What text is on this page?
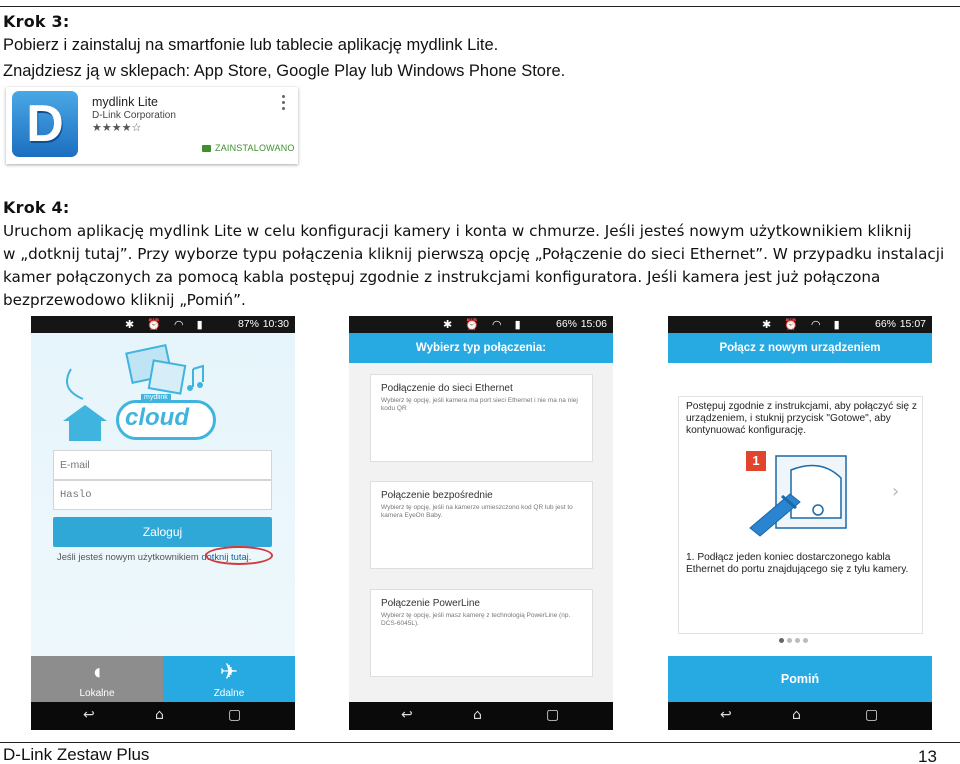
Krok 3:
Pobierz i zainstaluj na smartfonie lub tablecie aplikację mydlink Lite.
Znajdziesz ją w sklepach: App Store, Google Play lub Windows Phone Store.
D mydlink Lite
D-Link Corporation
★★★★☆
ZAINSTALOWANO
Krok 4:
Uruchom aplikację mydlink Lite w celu konfiguracji kamery i konta w chmurze. Jeśli jesteś nowym użytkownikiem kliknij
w „dotknij tutaj”. Przy wyborze typu połączenia kliknij pierwszą opcję „Połączenie do sieci Ethernet”. W przypadku instalacji
kamer połączonych za pomocą kabla postępuj zgodnie z instrukcjami konfiguratora. Jeśli kamera jest już połączona
bezprzewodowo kliknij „Pomiń”.
✱ ⏰ ◠ ▮	87% 10:30
mydlink
cloud
E-mail
Haslo
Zaloguj
Jeśli jesteś nowym użytkownikiem dotknij tutaj.
◖
Lokalne
✈
Zdalne
↩	⌂	▢
✱ ⏰ ◠ ▮	66% 15:06
Wybierz typ połączenia:
Podłączenie do sieci Ethernet
Wybierz tę opcję, jeśli kamera ma port sieci Ethernet i nie ma na niej kodu QR
Połączenie bezpośrednie
Wybierz tę opcję, jeśli na kamerze umieszczono kod QR lub jest to kamera EyeOn Baby.
Połączenie PowerLine
Wybierz tę opcję, jeśli masz kamerę z technologią PowerLine (np. DCS-6045L).
↩	⌂	▢
✱ ⏰ ◠ ▮	66% 15:07
Połącz z nowym urządzeniem
Postępuj zgodnie z instrukcjami, aby połączyć się z urządzeniem, i stuknij przycisk "Gotowe", aby kontynuować konfigurację.
1
›
1. Podłącz jeden koniec dostarczonego kabla Ethernet do portu znajdującego się z tyłu kamery.
Pomiń
↩	⌂	▢
D-Link Zestaw Plus	13
